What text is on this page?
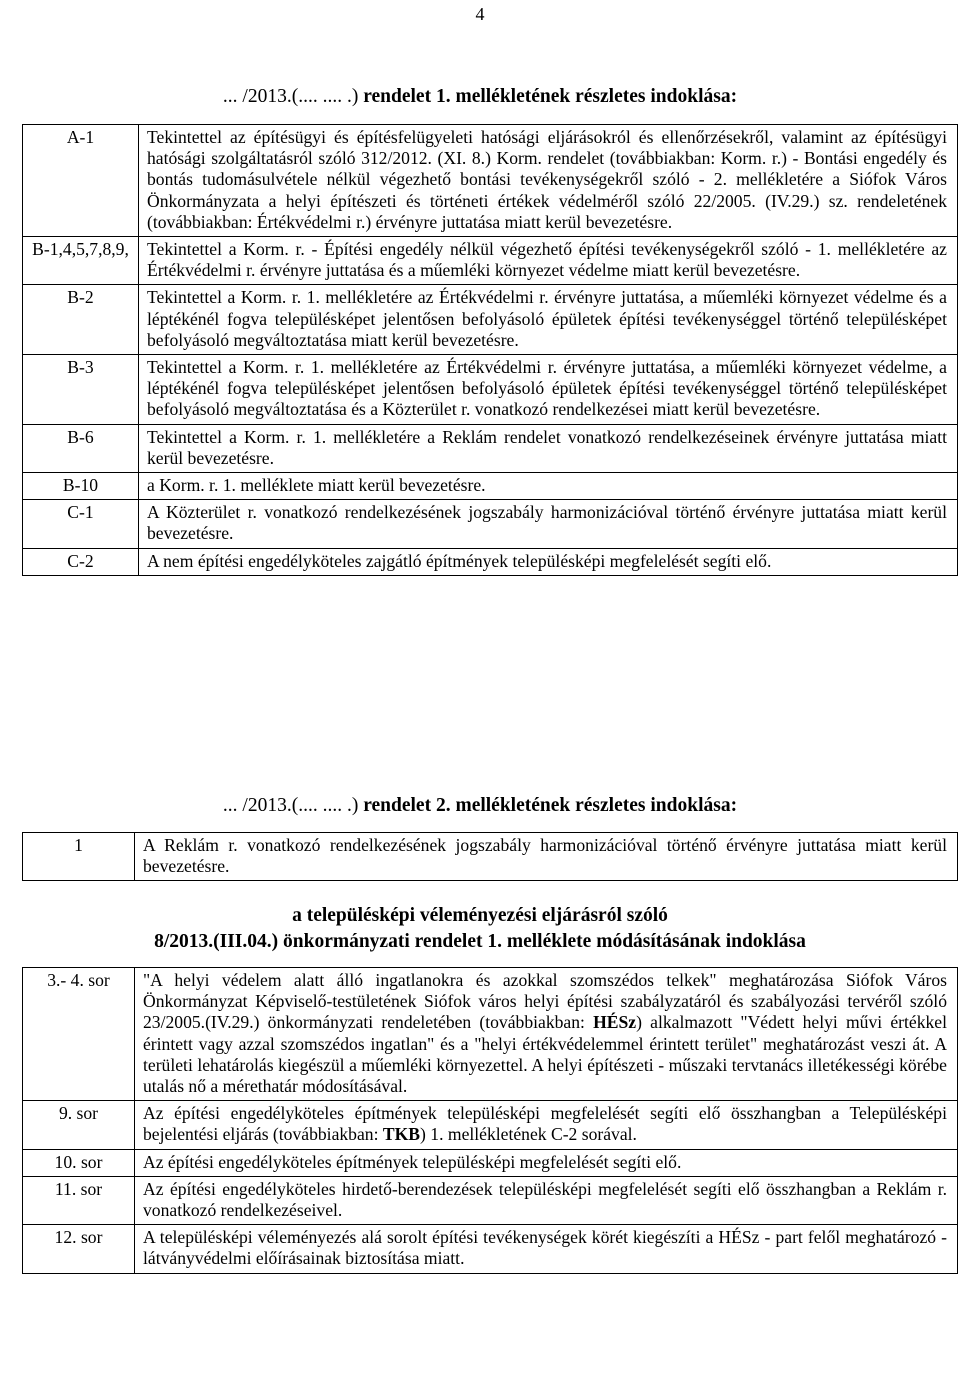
4
... /2013.(.... .... .) rendelet 1. mellékletének részletes indoklása:
A-1	Tekintettel az építésügyi és építésfelügyeleti hatósági eljárásokról és ellenőrzésekről, valamint az építésügyi hatósági szolgáltatásról szóló 312/2012. (XI. 8.) Korm. rendelet (továbbiakban: Korm. r.) - Bontási engedély és bontás tudomásulvétele nélkül végezhető bontási tevékenységekről szóló - 2. mellékletére a Siófok Város Önkormányzata a helyi építészeti és történeti értékek védelméről szóló 22/2005. (IV.29.) sz. rendeletének (továbbiakban: Értékvédelmi r.) érvényre juttatása miatt kerül bevezetésre.
B-1,4,5,7,8,9,	Tekintettel a Korm. r. - Építési engedély nélkül végezhető építési tevékenységekről szóló - 1. mellékletére az Értékvédelmi r. érvényre juttatása és a műemléki környezet védelme miatt kerül bevezetésre.
B-2	Tekintettel a Korm. r. 1. mellékletére az Értékvédelmi r. érvényre juttatása, a műemléki környezet védelme és a léptékénél fogva településképet jelentősen befolyásoló épületek építési tevékenységgel történő településképet befolyásoló megváltoztatása miatt kerül bevezetésre.
B-3	Tekintettel a Korm. r. 1. mellékletére az Értékvédelmi r. érvényre juttatása, a műemléki környezet védelme, a léptékénél fogva településképet jelentősen befolyásoló épületek építési tevékenységgel történő településképet befolyásoló megváltoztatása és a Közterület r. vonatkozó rendelkezései miatt kerül bevezetésre.
B-6	Tekintettel a Korm. r. 1. mellékletére a Reklám rendelet vonatkozó rendelkezéseinek érvényre juttatása miatt kerül bevezetésre.
B-10	a Korm. r. 1. melléklete miatt kerül bevezetésre.
C-1	A Közterület r. vonatkozó rendelkezésének jogszabály harmonizációval történő érvényre juttatása miatt kerül bevezetésre.
C-2	A nem építési engedélyköteles zajgátló építmények településképi megfelelését segíti elő.
... /2013.(.... .... .) rendelet 2. mellékletének részletes indoklása:
1	A Reklám r. vonatkozó rendelkezésének jogszabály harmonizációval történő érvényre juttatása miatt kerül bevezetésre.
a településképi véleményezési eljárásról szóló
8/2013.(III.04.) önkormányzati rendelet 1. melléklete módásításának indoklása
3.- 4. sor	"A helyi védelem alatt álló ingatlanokra és azokkal szomszédos telkek" meghatározása Siófok Város Önkormányzat Képviselő-testületének Siófok város helyi építési szabályzatáról és szabályozási tervéről szóló 23/2005.(IV.29.) önkormányzati rendeletében (továbbiakban: HÉSz) alkalmazott "Védett helyi művi értékkel érintett vagy azzal szomszédos ingatlan" és a "helyi értékvédelemmel érintett terület" meghatározást veszi át. A területi lehatárolás kiegészül a műemléki környezettel. A helyi építészeti - műszaki tervtanács illetékességi körébe utalás nő a mérethatár módosításával.
9. sor	Az építési engedélyköteles építmények településképi megfelelését segíti elő összhangban a Településképi bejelentési eljárás (továbbiakban: TKB) 1. mellékletének C-2 sorával.
10. sor	Az építési engedélyköteles építmények településképi megfelelését segíti elő.
11. sor	Az építési engedélyköteles hirdető-berendezések településképi megfelelését segíti elő összhangban a Reklám r. vonatkozó rendelkezéseivel.
12. sor	A településképi véleményezés alá sorolt építési tevékenységek körét kiegészíti a HÉSz - part felől meghatározó - látványvédelmi előírásainak biztosítása miatt.
